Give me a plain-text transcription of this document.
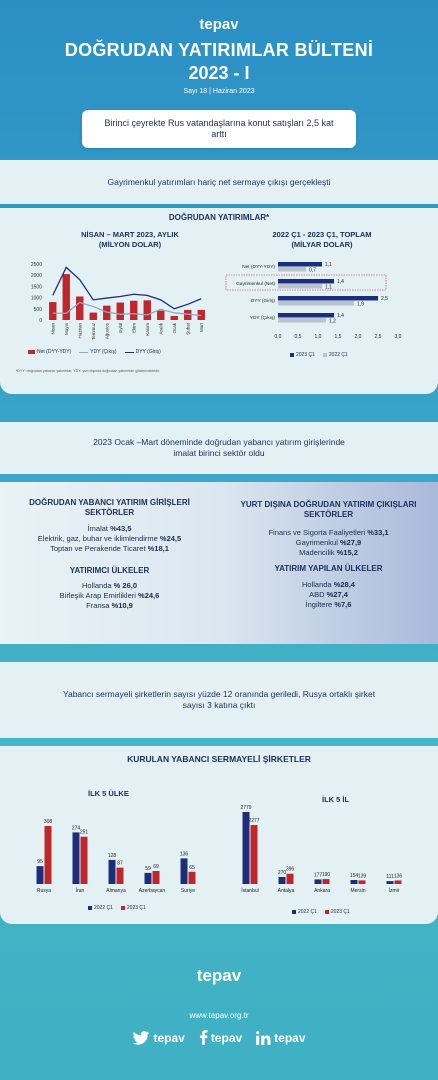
tepav
DOĞRUDAN YATIRIMLAR BÜLTENİ
2023 - I
Sayı 18 | Haziran 2023
Birinci çeyrekte Rus vatandaşlarına konut satışları 2,5 kat arttı
Gayrimenkul yatırımları hariç net sermaye çıkışı gerçekleşti
DOĞRUDAN YATIRIMLAR*
NİSAN – MART 2023, AYLIK
(MİLYON DOLAR)
0
500
1000
1500
2000
2500
Nisan Mayıs Haziran Temmuz Ağustos Eylül Ekim Kasım Aralık Ocak Şubat Mart
Net (DYY-YDY)	YDY (Çıkış)	DYY (Giriş)
2022 Ç1 - 2023 Ç1, TOPLAM
(MİLYAR DOLAR)
Net (DYY-YDY)	1,1
0,7
Gayrimenkul (Net)	1,4
1,1
DYY (Giriş)	2,5
1,9
YDY (Çıkış)	1,4
1,2
0,0	0,5	1,0	1,5	2,0	2,5	3,0
2023 Ç1	2022 Ç1
*DYY: doğrudan yabancı yatırımlar; YDY: yurt dışında doğrudan yatırımları göstermektedir.
2023 Ocak –Mart döneminde doğrudan yabancı yatırım girişlerinde imalat birinci sektör oldu
DOĞRUDAN YABANCI YATIRIM GİRİŞLERİ
SEKTÖRLER
İmalat %43,5
Elektrik, gaz, buhar ve iklimlendirme %24,5
Toptan ve Perakende Ticaret %18,1
YATIRIMCI ÜLKELER
Hollanda % 26,0
Birleşik Arap Emirlikleri %24,6
Fransa %10,9
YURT DIŞINA DOĞRUDAN YATIRIM ÇIKIŞLARI
SEKTÖRLER
Finans ve Sigorta Faaliyetleri %33,1
Gayrimenkul %27,9
Madencilik %15,2
YATIRIM YAPILAN ÜLKELER
Hollanda %28,4
ABD %27,4
İngiltere %7,6
Yabancı sermayeli şirketlerin sayısı yüzde 12 oranında geriledi, Rusya ortaklı şirket sayısı 3 katına çıktı
KURULAN YABANCI SERMAYELİ ŞİRKETLER
İLK 5 ÜLKE
İLK 5 İL
95
308
Rusya
274
251
İran
128
87
Almanya
59 69
Azerbaycan
136
65
Suriye
2779
2277
İstanbul
270
396
Antalya
177 190
Ankara
154 139
Mersin
111 136
İzmir
2022 Ç1	2023 Ç1
2022 Ç1	2023 Ç1
tepav
www.tepav.org.tr
tepav tepav	tepav
